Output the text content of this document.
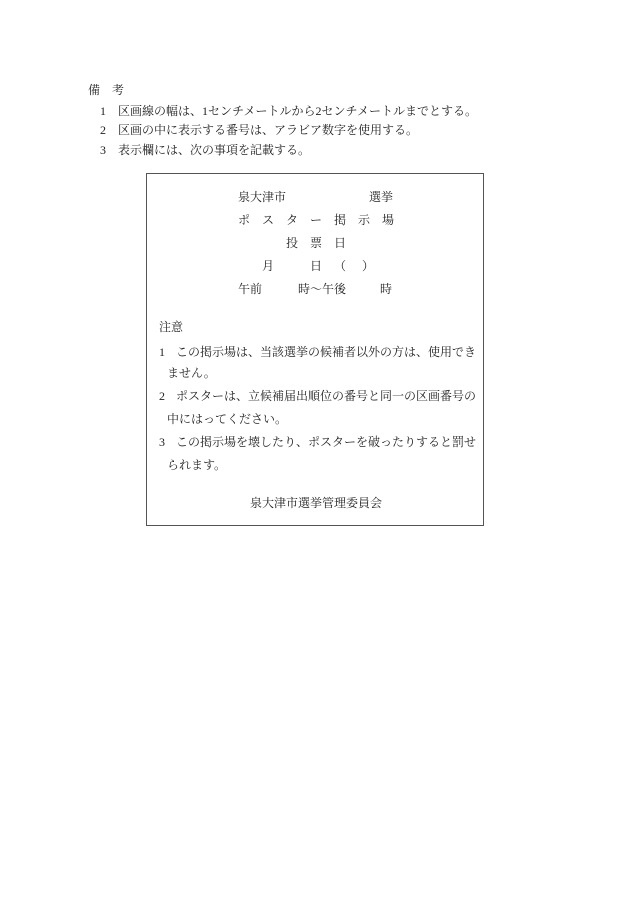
備　考
1 区画線の幅は、1センチメートルから2センチメートルまでとする。
2 区画の中に表示する番号は、アラビア数字を使用する。
3 表示欄には、次の事項を記載する。
泉大津市	選挙
ポ　ス　タ　ー　掲　示　場
投　票　日
月	日 （ ）
午前	時〜午後	時
注意
1 この掲示場は、当該選挙の候補者以外の方は、使用でき
ません。
2 ポスターは、立候補届出順位の番号と同一の区画番号の
中にはってください。
3 この掲示場を壊したり、ポスターを破ったりすると罰せ
られます。
泉大津市選挙管理委員会
